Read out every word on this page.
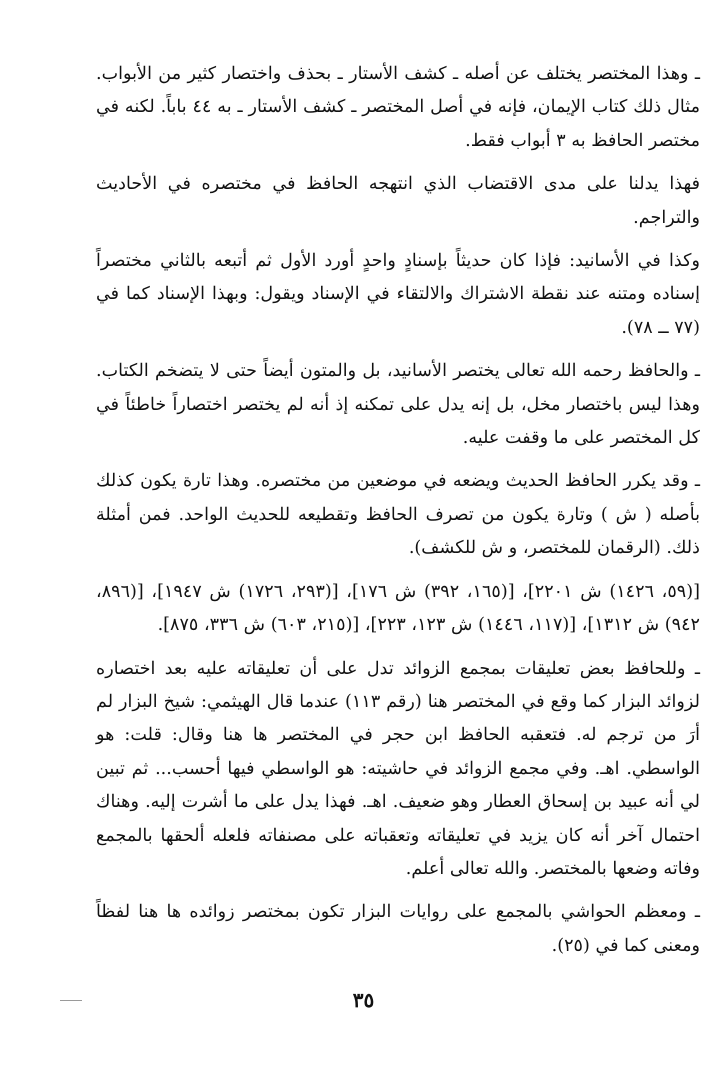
ـ وهذا المختصر يختلف عن أصله ـ كشف الأستار ـ بحذف واختصار كثير من الأبواب. مثال ذلك كتاب الإيمان، فإنه في أصل المختصر ـ كشف الأستار ـ به ٤٤ باباً. لكنه في مختصر الحافظ به ٣ أبواب فقط.

فهذا يدلنا على مدى الاقتضاب الذي انتهجه الحافظ في مختصره في الأحاديث والتراجم.

وكذا في الأسانيد: فإذا كان حديثاً بإسنادٍ واحدٍ أورد الأول ثم أتبعه بالثاني مختصراً إسناده ومتنه عند نقطة الاشتراك والالتقاء في الإسناد ويقول: وبهذا الإسناد كما في (٧٧ ــ ٧٨).

ـ والحافظ رحمه الله تعالى يختصر الأسانيد، بل والمتون أيضاً حتى لا يتضخم الكتاب. وهذا ليس باختصار مخل، بل إنه يدل على تمكنه إذ أنه لم يختصر اختصاراً خاطئاً في كل المختصر على ما وقفت عليه.

ـ وقد يكرر الحافظ الحديث ويضعه في موضعين من مختصره. وهذا تارة يكون كذلك بأصله ( ش ) وتارة يكون من تصرف الحافظ وتقطيعه للحديث الواحد. فمن أمثلة ذلك. (الرقمان للمختصر، و ش للكشف).

[(٥٩، ١٤٢٦) ش ٢٢٠١]، [(١٦٥، ٣٩٢) ش ١٧٦]، [(٢٩٣، ١٧٢٦) ش ١٩٤٧]، [(٨٩٦، ٩٤٢) ش ١٣١٢]، [(١١٧، ١٤٤٦) ش ١٢٣، ٢٢٣]، [(٢١٥، ٦٠٣) ش ٣٣٦، ٨٧٥].

ـ وللحافظ بعض تعليقات بمجمع الزوائد تدل على أن تعليقاته عليه بعد اختصاره لزوائد البزار كما وقع في المختصر هنا (رقم ١١٣) عندما قال الهيثمي: شيخ البزار لم أرَ من ترجم له. فتعقبه الحافظ ابن حجر في المختصر ها هنا وقال: قلت: هو الواسطي. اهـ. وفي مجمع الزوائد في حاشيته: هو الواسطي فيها أحسب... ثم تبين لي أنه عبيد بن إسحاق العطار وهو ضعيف. اهـ. فهذا يدل على ما أشرت إليه. وهناك احتمال آخر أنه كان يزيد في تعليقاته وتعقباته على مصنفاته فلعله ألحقها بالمجمع وفاته وضعها بالمختصر. والله تعالى أعلم.

ـ ومعظم الحواشي بالمجمع على روايات البزار تكون بمختصر زوائده ها هنا لفظاً ومعنى كما في (٢٥).

٣٥
